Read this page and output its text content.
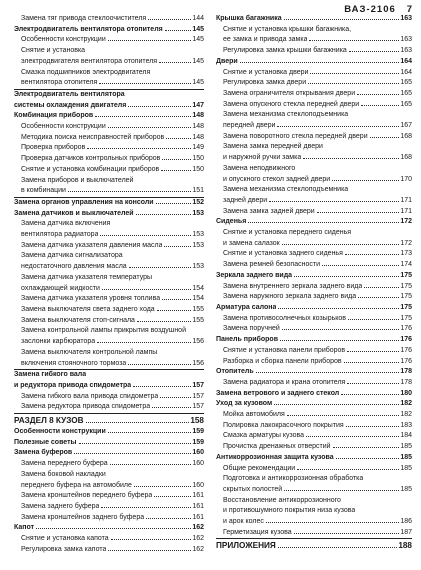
ВАЗ-2106 7
Замена тяг привода стеклоочистителя	144
Электродвигатель вентилятора отопителя	145
Особенности конструкции	145
Снятие и установка
электродвигателя вентилятора отопителя	145
Смазка подшипников электродвигателя
вентилятора отопителя	145
Электродвигатель вентилятора
системы охлаждения двигателя	147
Комбинация приборов	148
Особенности конструкции	148
Методика поиска неисправностей приборов	148
Проверка приборов	149
Проверка датчиков контрольных приборов	150
Снятие и установка комбинации приборов	150
Замена приборов и выключателей
в комбинации	151
Замена органов управления на консоли	152
Замена датчиков и выключателей	153
Замена датчика включения
вентилятора радиатора	153
Замена датчика указателя давления масла	153
Замена датчика сигнализатора
недостаточного давления масла	153
Замена датчика указателя температуры
охлаждающей жидкости	154
Замена датчика указателя уровня топлива	154
Замена выключателя света заднего хода	155
Замена выключателя стоп-сигнала	155
Замена контрольной лампы прикрытия воздушной
заслонки карбюратора	156
Замена выключателя контрольной лампы
включения стояночного тормоза	156
Замена гибкого вала
и редуктора привода спидометра	157
Замена гибкого вала привода спидометра	157
Замена редуктора привода спидометра	157
РАЗДЕЛ 8 КУЗОВ	158
Особенности конструкции	159
Полезные советы	159
Замена буферов	160
Замена переднего буфера	160
Замена боковой накладки
переднего буфера на автомобиле	160
Замена кронштейнов переднего буфера	161
Замена заднего буфера	161
Замена кронштейнов заднего буфера	161
Капот	162
Снятие и установка капота	162
Регулировка замка капота	162
Крышка багажника	163
Снятие и установка крышки багажника,
ее замка и привода замка	163
Регулировка замка крышки багажника	163
Двери	164
Снятие и установка двери	164
Регулировка замка двери	165
Замена ограничителя открывания двери	165
Замена опускного стекла передней двери	165
Замена механизма стеклоподъемника
передней двери	167
Замена поворотного стекла передней двери	168
Замена замка передней двери
и наружной ручки замка	168
Замена неподвижного
и опускного стекол задней двери	170
Замена механизма стеклоподъемника
задней двери	171
Замена замка задней двери	171
Сиденья	172
Снятие и установка переднего сиденья
и замена салазок	172
Снятие и установка заднего сиденья	173
Замена ремней безопасности	174
Зеркала заднего вида	175
Замена внутреннего зеркала заднего вида	175
Замена наружного зеркала заднего вида	175
Арматура салона	175
Замена противосолнечных козырьков	175
Замена поручней	176
Панель приборов	176
Снятие и установка панели приборов	176
Разборка и сборка панели приборов	176
Отопитель	178
Замена радиатора и крана отопителя	178
Замена ветрового и заднего стекол	180
Уход за кузовом	182
Мойка автомобиля	182
Полировка лакокрасочного покрытия	183
Смазка арматуры кузова	184
Прочистка дренажных отверстий	185
Антикоррозионная защита кузова	185
Общие рекомендации	185
Подготовка и антикоррозионная обработка
скрытых полостей	185
Восстановление антикоррозионного
и противошумного покрытия низа кузова
и арок колес	186
Герметизация кузова	187
ПРИЛОЖЕНИЯ	188
